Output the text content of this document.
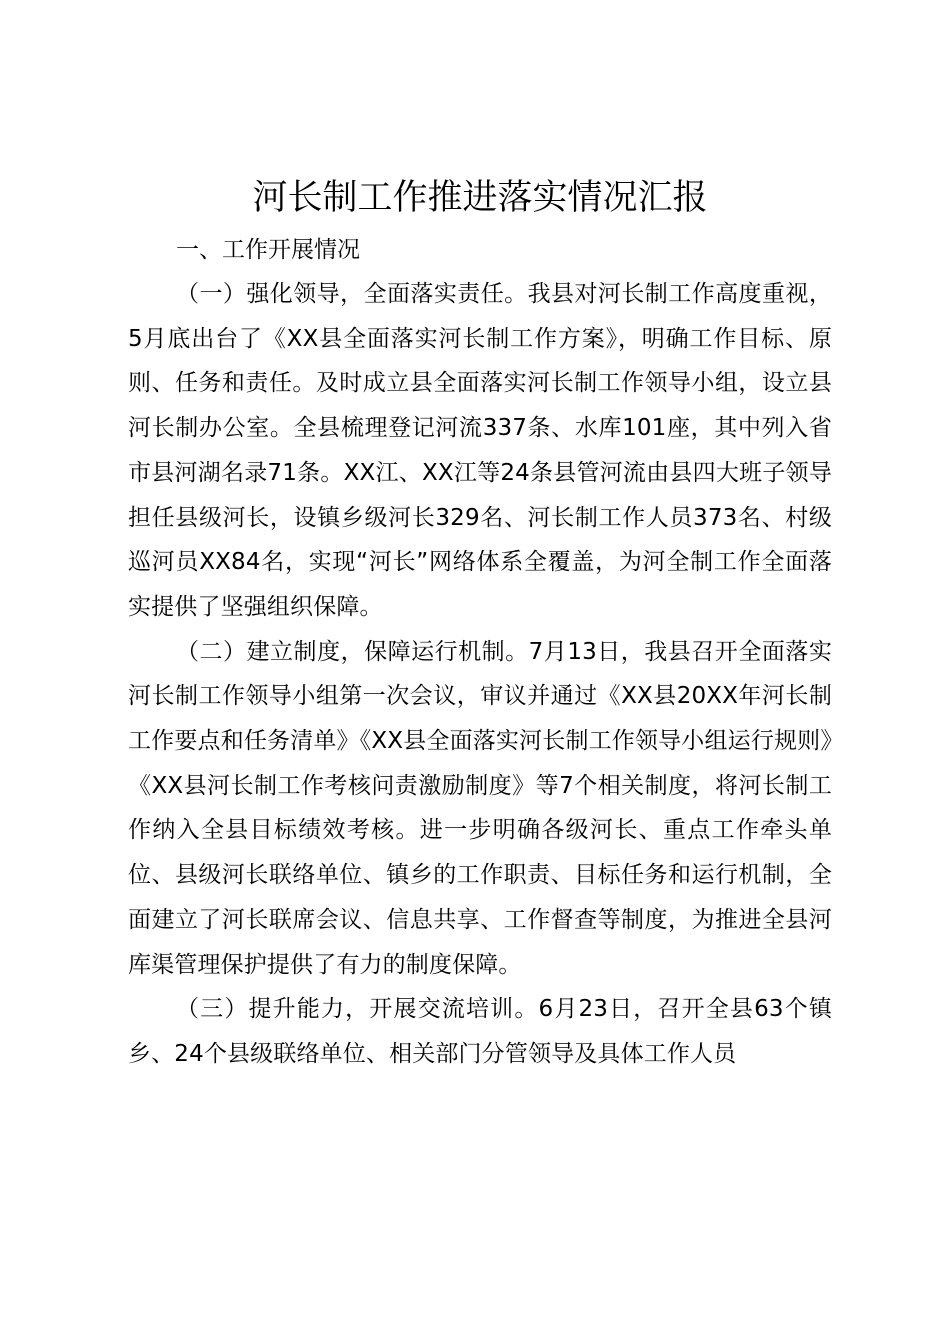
河长制工作推进落实情况汇报

一、工作开展情况

（一）强化领导，全面落实责任。我县对河长制工作高度重视，5月底出台了《XX县全面落实河长制工作方案》，明确工作目标、原则、任务和责任。及时成立县全面落实河长制工作领导小组，设立县河长制办公室。全县梳理登记河流337条、水库101座，其中列入省市县河湖名录71条。XX江、XX江等24条县管河流由县四大班子领导担任县级河长，设镇乡级河长329名、河长制工作人员373名、村级巡河员XX84名，实现“河长”网络体系全覆盖，为河全制工作全面落实提供了坚强组织保障。

（二）建立制度，保障运行机制。7月13日，我县召开全面落实河长制工作领导小组第一次会议，审议并通过《XX县20XX年河长制工作要点和任务清单》《XX县全面落实河长制工作领导小组运行规则》《XX县河长制工作考核问责激励制度》等7个相关制度，将河长制工作纳入全县目标绩效考核。进一步明确各级河长、重点工作牵头单位、县级河长联络单位、镇乡的工作职责、目标任务和运行机制，全面建立了河长联席会议、信息共享、工作督查等制度，为推进全县河库渠管理保护提供了有力的制度保障。

（三）提升能力，开展交流培训。6月23日，召开全县63个镇乡、24个县级联络单位、相关部门分管领导及具体工作人员
